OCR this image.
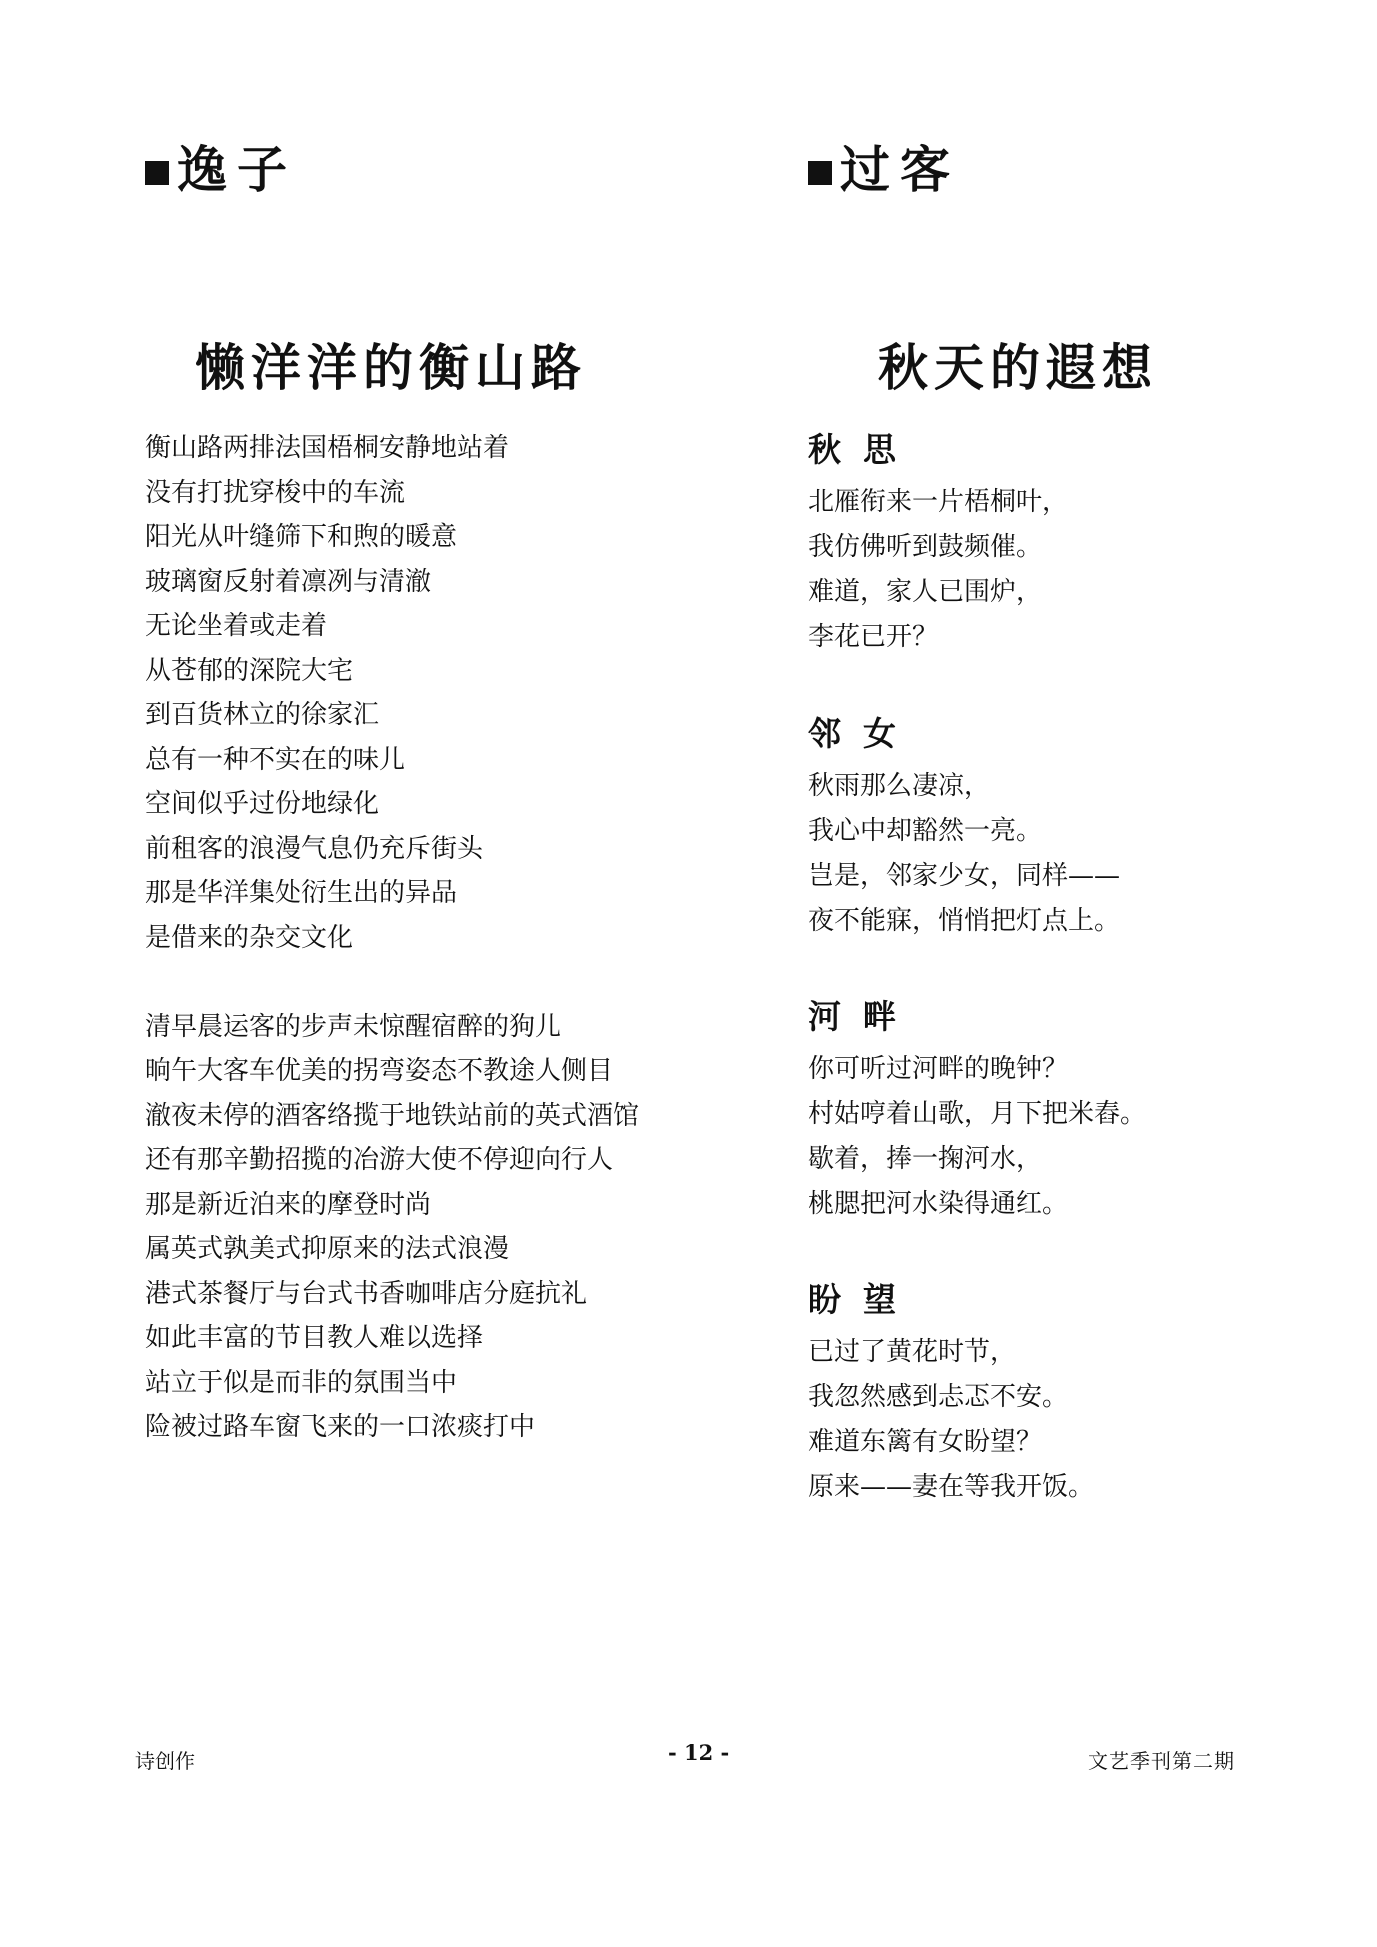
逸子
懒洋洋的衡山路
衡山路两排法国梧桐安静地站着
没有打扰穿梭中的车流
阳光从叶缝筛下和煦的暖意
玻璃窗反射着凛冽与清澈
无论坐着或走着
从苍郁的深院大宅
到百货林立的徐家汇
总有一种不实在的味儿
空间似乎过份地绿化
前租客的浪漫气息仍充斥街头
那是华洋集处衍生出的异品
是借来的杂交文化
清早晨运客的步声未惊醒宿醉的狗儿
晌午大客车优美的拐弯姿态不教途人侧目
澈夜未停的酒客络揽于地铁站前的英式酒馆
还有那辛勤招揽的冶游大使不停迎向行人
那是新近泊来的摩登时尚
属英式孰美式抑原来的法式浪漫
港式茶餐厅与台式书香咖啡店分庭抗礼
如此丰富的节目教人难以选择
站立于似是而非的氛围当中
险被过路车窗飞来的一口浓痰打中
过客
秋天的遐想
秋思
北雁衔来一片梧桐叶，
我仿佛听到鼓频催。
难道，家人已围炉，
李花已开？
邻女
秋雨那么凄凉，
我心中却豁然一亮。
岂是，邻家少女，同样——
夜不能寐，悄悄把灯点上。
河畔
你可听过河畔的晚钟？
村姑哼着山歌，月下把米舂。
歇着，捧一掬河水，
桃腮把河水染得通红。
盼望
已过了黄花时节，
我忽然感到忐忑不安。
难道东篱有女盼望？
原来——妻在等我开饭。
诗创作	- 12 -	文艺季刊第二期
